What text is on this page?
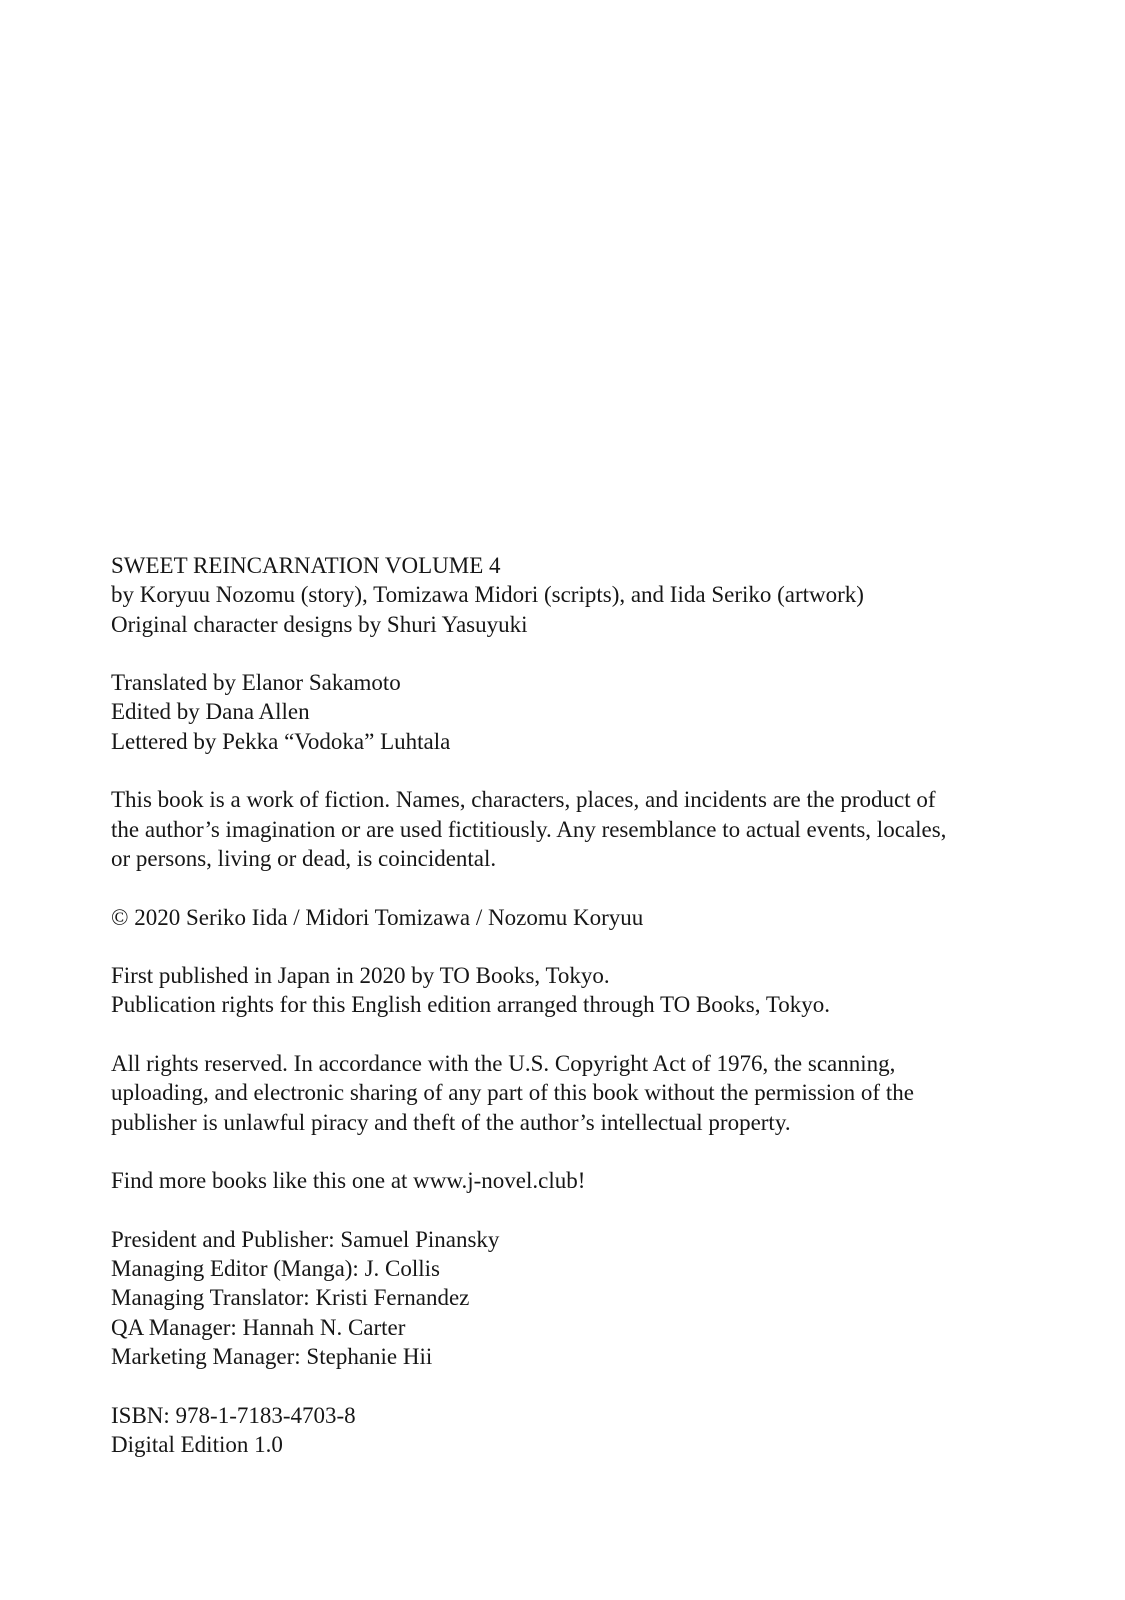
SWEET REINCARNATION VOLUME 4
by Koryuu Nozomu (story), Tomizawa Midori (scripts), and Iida Seriko (artwork)
Original character designs by Shuri Yasuyuki
Translated by Elanor Sakamoto
Edited by Dana Allen
Lettered by Pekka “Vodoka” Luhtala
This book is a work of fiction. Names, characters, places, and incidents are the product of
the author’s imagination or are used fictitiously. Any resemblance to actual events, locales,
or persons, living or dead, is coincidental.
© 2020 Seriko Iida / Midori Tomizawa / Nozomu Koryuu
First published in Japan in 2020 by TO Books, Tokyo.
Publication rights for this English edition arranged through TO Books, Tokyo.
All rights reserved. In accordance with the U.S. Copyright Act of 1976, the scanning,
uploading, and electronic sharing of any part of this book without the permission of the
publisher is unlawful piracy and theft of the author’s intellectual property.
Find more books like this one at www.j-novel.club!
President and Publisher: Samuel Pinansky
Managing Editor (Manga): J. Collis
Managing Translator: Kristi Fernandez
QA Manager: Hannah N. Carter
Marketing Manager: Stephanie Hii
ISBN: 978-1-7183-4703-8
Digital Edition 1.0
